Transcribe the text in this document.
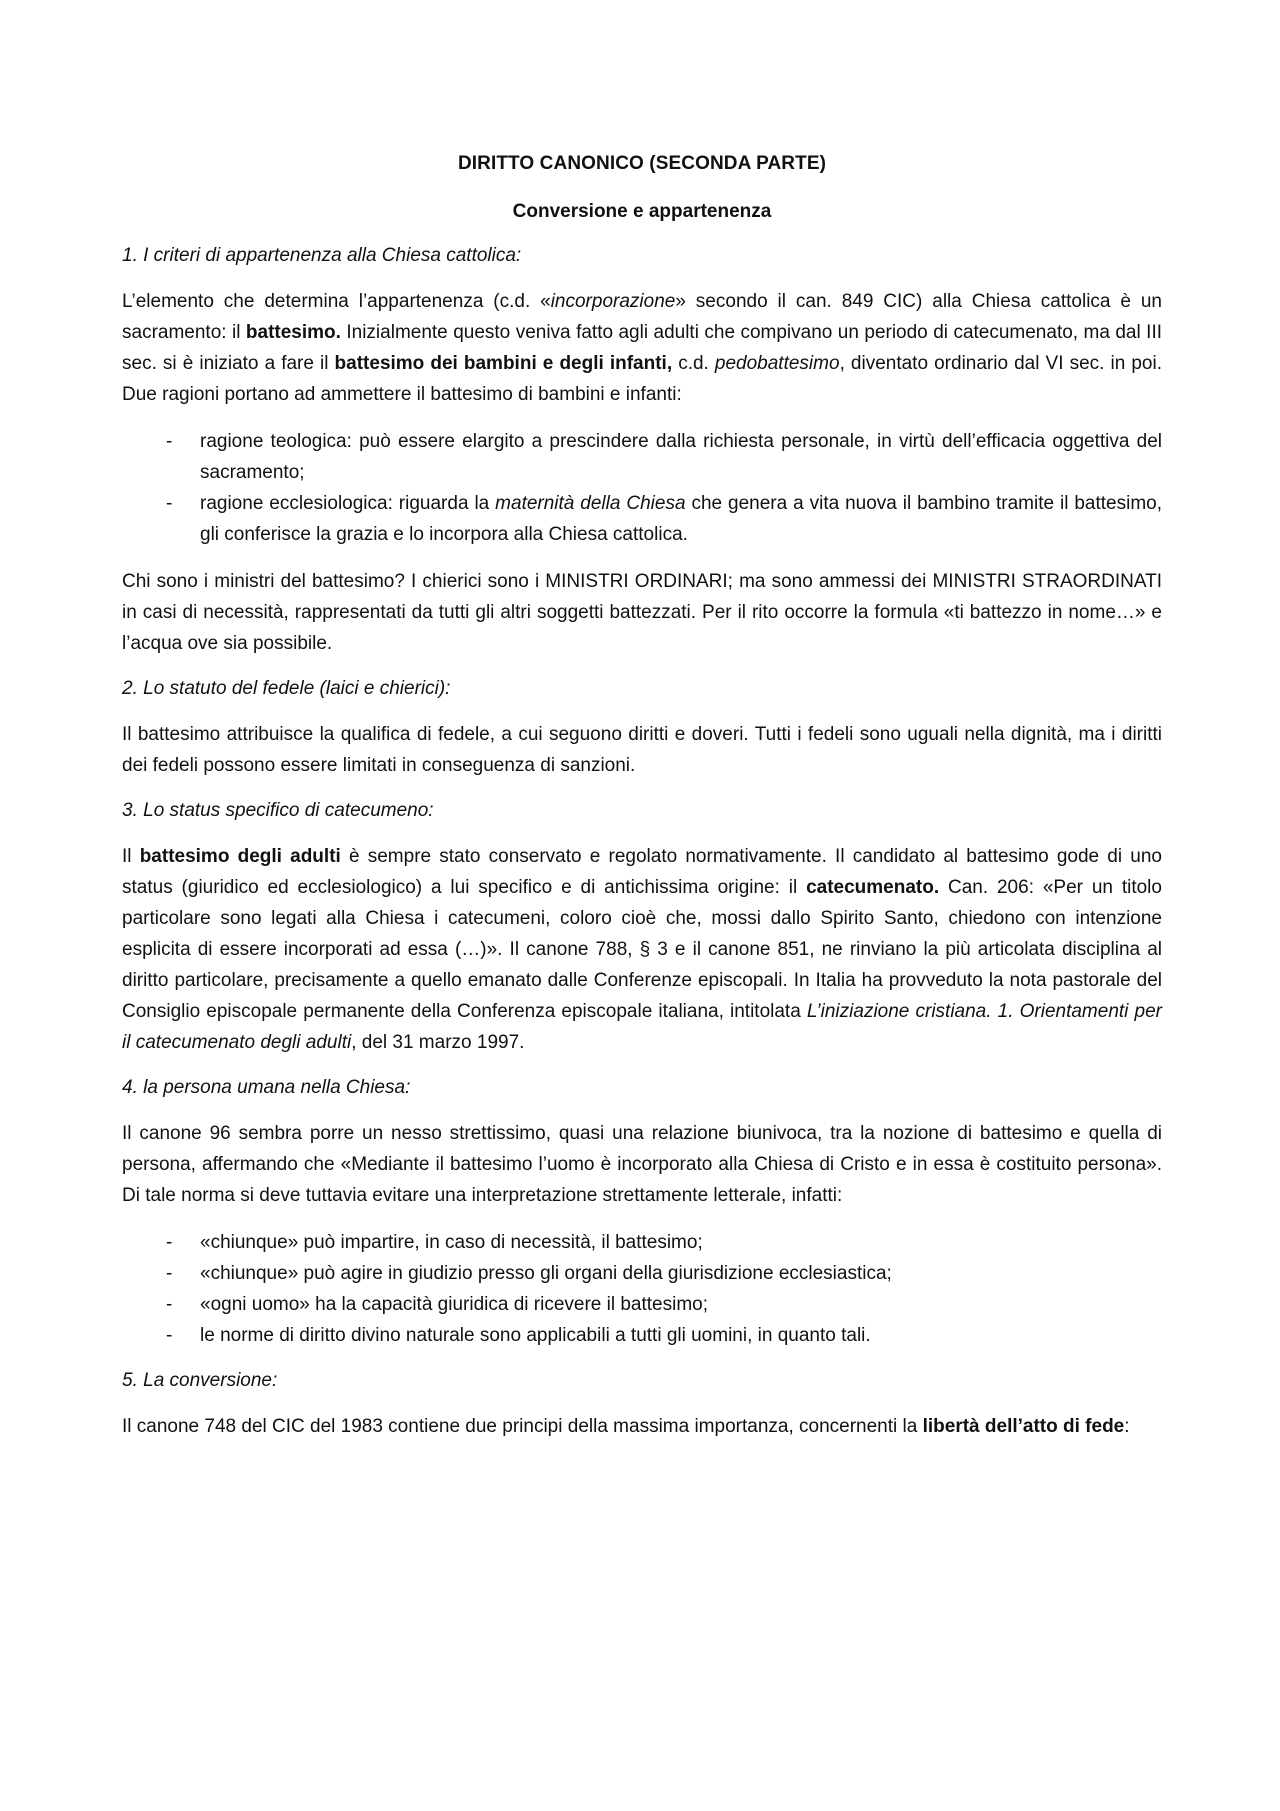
DIRITTO CANONICO (SECONDA PARTE)
Conversione e appartenenza
1. I criteri di appartenenza alla Chiesa cattolica:

L’elemento che determina l’appartenenza (c.d. «incorporazione» secondo il can. 849 CIC) alla Chiesa cattolica è un sacramento: il battesimo. Inizialmente questo veniva fatto agli adulti che compivano un periodo di catecumenato, ma dal III sec. si è iniziato a fare il battesimo dei bambini e degli infanti, c.d. pedobattesimo, diventato ordinario dal VI sec. in poi. Due ragioni portano ad ammettere il battesimo di bambini e infanti:

- ragione teologica: può essere elargito a prescindere dalla richiesta personale, in virtù dell’efficacia oggettiva del sacramento;
- ragione ecclesiologica: riguarda la maternità della Chiesa che genera a vita nuova il bambino tramite il battesimo, gli conferisce la grazia e lo incorpora alla Chiesa cattolica.

Chi sono i ministri del battesimo? I chierici sono i MINISTRI ORDINARI; ma sono ammessi dei MINISTRI STRAORDINATI in casi di necessità, rappresentati da tutti gli altri soggetti battezzati. Per il rito occorre la formula «ti battezzo in nome…» e l’acqua ove sia possibile.

2. Lo statuto del fedele (laici e chierici):

Il battesimo attribuisce la qualifica di fedele, a cui seguono diritti e doveri. Tutti i fedeli sono uguali nella dignità, ma i diritti dei fedeli possono essere limitati in conseguenza di sanzioni.

3. Lo status specifico di catecumeno:

Il battesimo degli adulti è sempre stato conservato e regolato normativamente. Il candidato al battesimo gode di uno status (giuridico ed ecclesiologico) a lui specifico e di antichissima origine: il catecumenato. Can. 206: «Per un titolo particolare sono legati alla Chiesa i catecumeni, coloro cioè che, mossi dallo Spirito Santo, chiedono con intenzione esplicita di essere incorporati ad essa (…)». Il canone 788, § 3 e il canone 851, ne rinviano la più articolata disciplina al diritto particolare, precisamente a quello emanato dalle Conferenze episcopali. In Italia ha provveduto la nota pastorale del Consiglio episcopale permanente della Conferenza episcopale italiana, intitolata L’iniziazione cristiana. 1. Orientamenti per il catecumenato degli adulti, del 31 marzo 1997.

4. la persona umana nella Chiesa:

Il canone 96 sembra porre un nesso strettissimo, quasi una relazione biunivoca, tra la nozione di battesimo e quella di persona, affermando che «Mediante il battesimo l’uomo è incorporato alla Chiesa di Cristo e in essa è costituito persona». Di tale norma si deve tuttavia evitare una interpretazione strettamente letterale, infatti:

- «chiunque» può impartire, in caso di necessità, il battesimo;
- «chiunque» può agire in giudizio presso gli organi della giurisdizione ecclesiastica;
- «ogni uomo» ha la capacità giuridica di ricevere il battesimo;
- le norme di diritto divino naturale sono applicabili a tutti gli uomini, in quanto tali.
5. La conversione:

Il canone 748 del CIC del 1983 contiene due principi della massima importanza, concernenti la libertà dell’atto di fede:
